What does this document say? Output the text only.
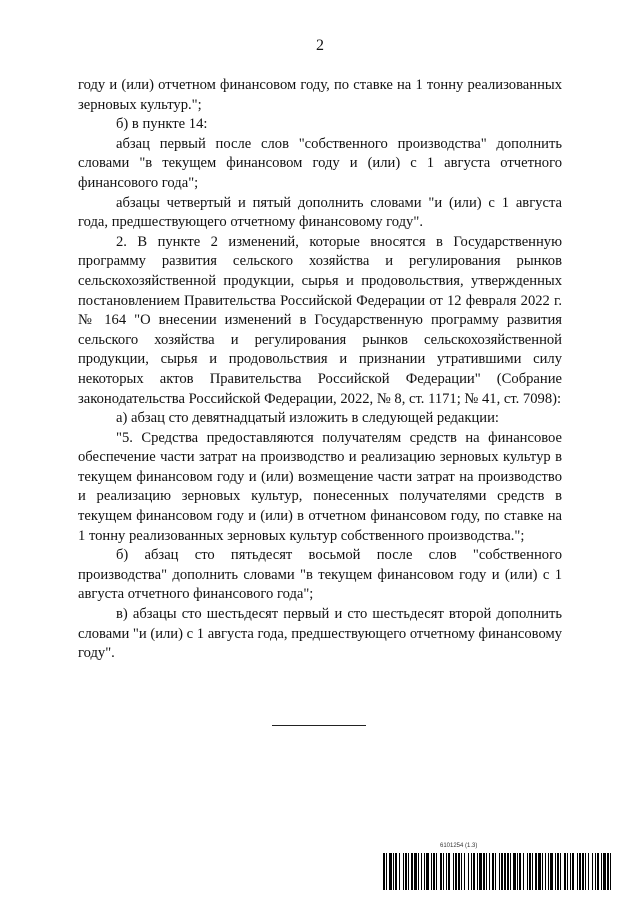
2

году и (или) отчетном финансовом году, по ставке на 1 тонну реализованных зерновых культур.";

б) в пункте 14:

абзац первый после слов "собственного производства" дополнить словами "в текущем финансовом году и (или) с 1 августа отчетного финансового года";

абзацы четвертый и пятый дополнить словами "и (или) с 1 августа года, предшествующего отчетному финансовому году".

2. В пункте 2 изменений, которые вносятся в Государственную программу развития сельского хозяйства и регулирования рынков сельскохозяйственной продукции, сырья и продовольствия, утвержденных постановлением Правительства Российской Федерации от 12 февраля 2022 г. № 164 "О внесении изменений в Государственную программу развития сельского хозяйства и регулирования рынков сельскохозяйственной продукции, сырья и продовольствия и признании утратившими силу некоторых актов Правительства Российской Федерации" (Собрание законодательства Российской Федерации, 2022, № 8, ст. 1171; № 41, ст. 7098):

а) абзац сто девятнадцатый изложить в следующей редакции:

"5. Средства предоставляются получателям средств на финансовое обеспечение части затрат на производство и реализацию зерновых культур в текущем финансовом году и (или) возмещение части затрат на производство и реализацию зерновых культур, понесенных получателями средств в текущем финансовом году и (или) в отчетном финансовом году, по ставке на 1 тонну реализованных зерновых культур собственного производства.";

б) абзац сто пятьдесят восьмой после слов "собственного производства" дополнить словами "в текущем финансовом году и (или) с 1 августа отчетного финансового года";

в) абзацы сто шестьдесят первый и сто шестьдесят второй дополнить словами "и (или) с 1 августа года, предшествующего отчетному финансовому году".

6101254 (1.3)
